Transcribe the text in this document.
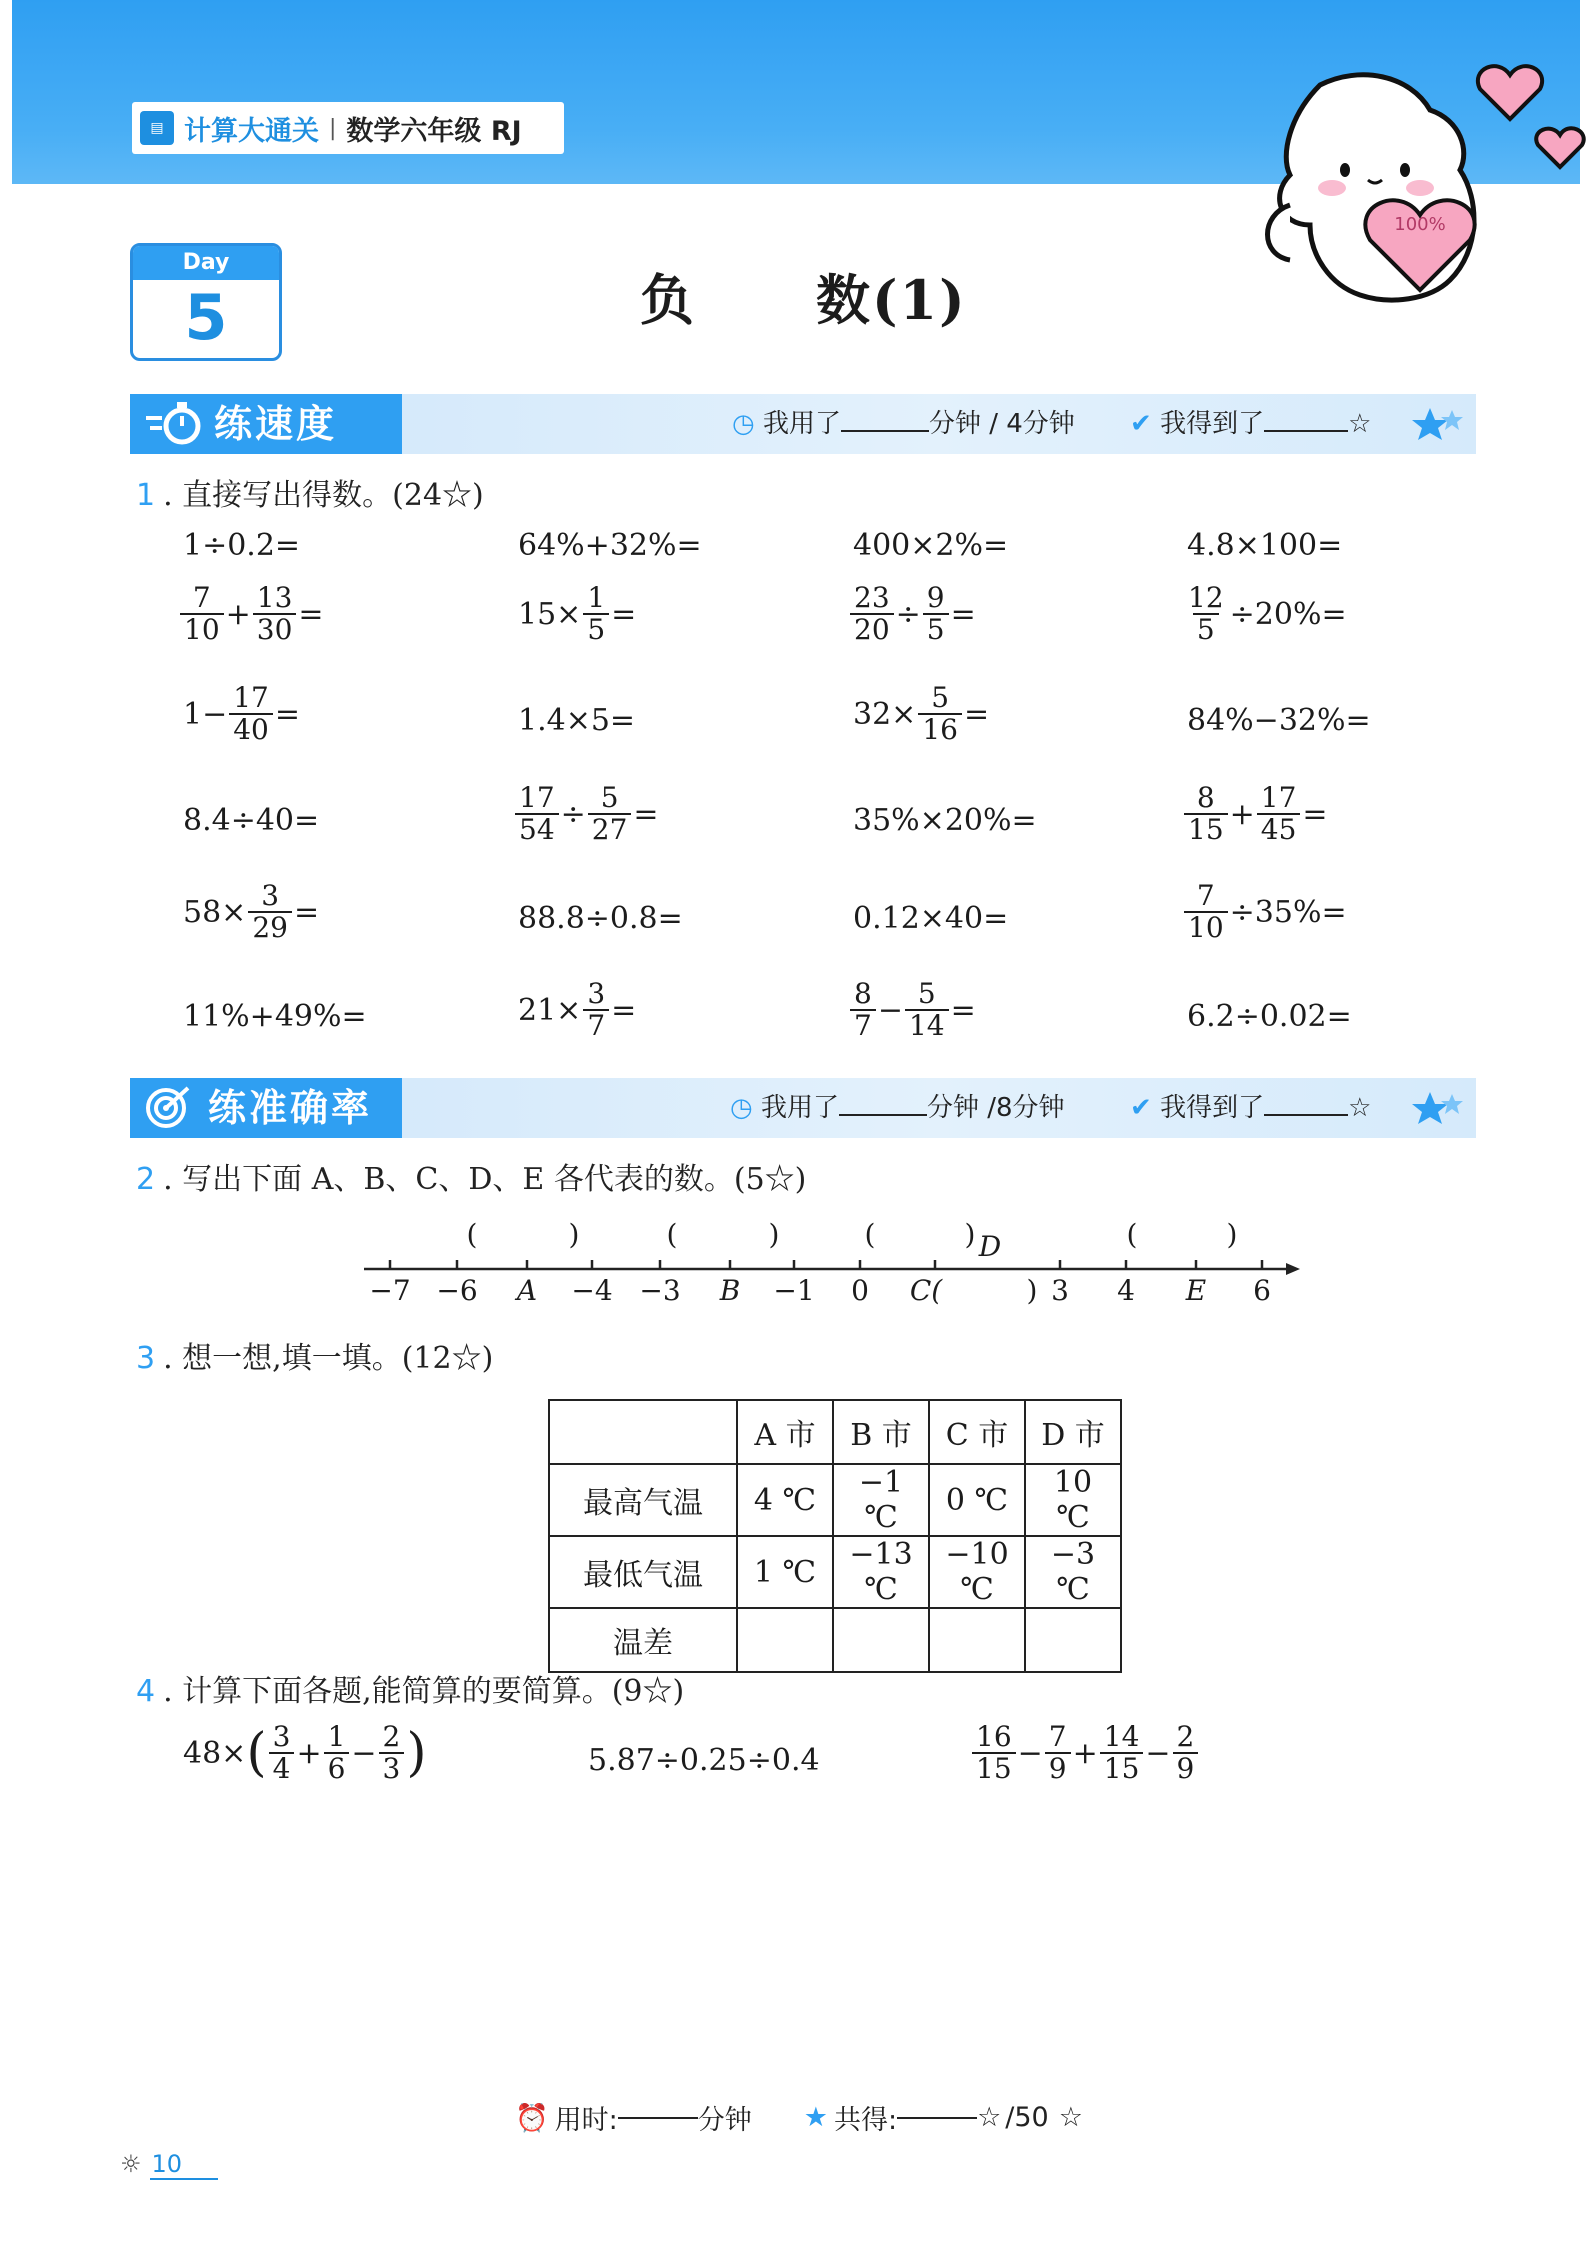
▤ 计算大通关 | 数学六年级 RJ
100%
Day
5	负 数(1)
练速度	◷ 我用了	分钟 / 4分钟 ✔ 我得到了	☆
1 . 直接写出得数。(24☆)
1÷0.2=	64%+32%=	400×2%=	4.8×100=
$\frac{7}{10} + \frac{13}{30}$ =	$15\times \frac{1}{5}$ =	$\frac{23}{20} \div \frac{9}{5}$ =	$\frac{12}{5} \div 20\%=$
$1- \frac{17}{40}$ =	1.4×5=	$32\times \frac{5}{16}$ =	84%−32%=
8.4÷40=	$\frac{17}{54} \div \frac{5}{27}$ =	35%×20%=	$\frac{8}{15} + \frac{17}{45}$ =
$58\times \frac{3}{29}$ =	88.8÷0.8=	0.12×40=	$\frac{7}{10} \div 35\%=$
11%+49%=	$21\times \frac{3}{7}$ =	$\frac{8}{7} - \frac{5}{14}$ =	6.2÷0.02=
练准确率	◷ 我用了	分钟 /8分钟	✔ 我得到了	☆
2 . 写出下面 A、B、C、D、E 各代表的数。(5☆)
−7 −6 A −4 −3 B −1 0 C(	) 3 4 E 6
(	)	(	)	(	) D	(	)
3 . 想一想,填一填。(12☆)
	A 市	B 市	C 市	D 市
最高气温	4 ℃	−1 ℃	0 ℃	10 ℃
最低气温	1 ℃	−13 ℃	−10 ℃	−3 ℃
温差				
4 . 计算下面各题,能简算的要简算。(9☆)
48× ( $\frac{3}{4} + \frac{1}{6} - \frac{2}{3}$ )	5.87÷0.25÷0.4	$\frac{16}{15} - \frac{7}{9} + \frac{14}{15} - \frac{2}{9}$
⏰ 用时:	分钟 ★ 共得:	☆ /50 ☆
☼ 10
